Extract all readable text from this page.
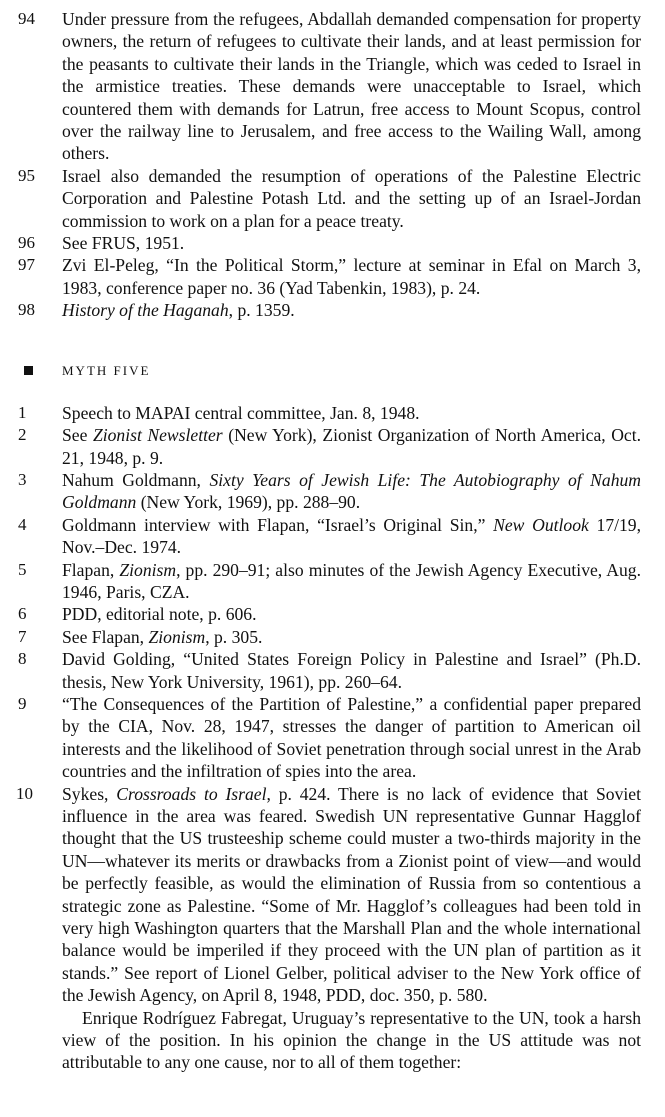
94 Under pressure from the refugees, Abdallah demanded compensation for property owners, the return of refugees to cultivate their lands, and at least permission for the peasants to cultivate their lands in the Triangle, which was ceded to Israel in the armistice treaties. These demands were unacceptable to Israel, which countered them with demands for Latrun, free access to Mount Scopus, control over the railway line to Jerusalem, and free access to the Wailing Wall, among others.
95 Israel also demanded the resumption of operations of the Palestine Electric Corporation and Palestine Potash Ltd. and the setting up of an Israel-Jordan commission to work on a plan for a peace treaty.
96 See FRUS, 1951.
97 Zvi El-Peleg, “In the Political Storm,” lecture at seminar in Efal on March 3, 1983, conference paper no. 36 (Yad Tabenkin, 1983), p. 24.
98 History of the Haganah, p. 1359.
MYTH FIVE
1 Speech to MAPAI central committee, Jan. 8, 1948.
2 See Zionist Newsletter (New York), Zionist Organization of North America, Oct. 21, 1948, p. 9.
3 Nahum Goldmann, Sixty Years of Jewish Life: The Autobiography of Nahum Goldmann (New York, 1969), pp. 288–90.
4 Goldmann interview with Flapan, “Israel’s Original Sin,” New Outlook 17/19, Nov.–Dec. 1974.
5 Flapan, Zionism, pp. 290–91; also minutes of the Jewish Agency Executive, Aug. 1946, Paris, CZA.
6 PDD, editorial note, p. 606.
7 See Flapan, Zionism, p. 305.
8 David Golding, “United States Foreign Policy in Palestine and Israel” (Ph.D. thesis, New York University, 1961), pp. 260–64.
9 “The Consequences of the Partition of Palestine,” a confidential paper prepared by the CIA, Nov. 28, 1947, stresses the danger of partition to American oil interests and the likelihood of Soviet penetration through social unrest in the Arab countries and the infiltration of spies into the area.
10 Sykes, Crossroads to Israel, p. 424. There is no lack of evidence that Soviet influence in the area was feared. Swedish UN representative Gunnar Hagglof thought that the US trusteeship scheme could muster a two-thirds majority in the UN—whatever its merits or drawbacks from a Zionist point of view—and would be perfectly feasible, as would the elimination of Russia from so contentious a strategic zone as Palestine. “Some of Mr. Hagglof’s colleagues had been told in very high Washington quarters that the Marshall Plan and the whole international balance would be imperiled if they proceed with the UN plan of partition as it stands.” See report of Lionel Gelber, political adviser to the New York office of the Jewish Agency, on April 8, 1948, PDD, doc. 350, p. 580.
Enrique Rodríguez Fabregat, Uruguay’s representative to the UN, took a harsh view of the position. In his opinion the change in the US attitude was not attributable to any one cause, nor to all of them together:
